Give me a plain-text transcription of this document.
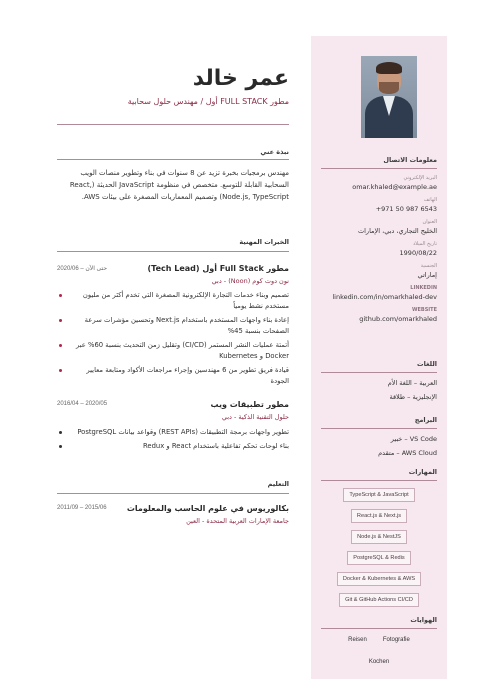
عمر خالد
مطور FULL STACK أول / مهندس حلول سحابية
نبذة عني
مهندس برمجيات بخبرة تزيد عن 8 سنوات في بناء وتطوير منصات الويب السحابية القابلة للتوسع. متخصص في منظومة JavaScript الحديثة (React, Node.js, TypeScript) وتصميم المعماريات المصغرة على بيئات AWS.
الخبرات المهنية
مطور Full Stack أول (Tech Lead)
2020/06 – حتى الآن
نون دوت كوم (Noon) - دبي
تصميم وبناء خدمات التجارة الإلكترونية المصغرة التي تخدم أكثر من مليون مستخدم نشط يومياً
إعادة بناء واجهات المستخدم باستخدام Next.js وتحسين مؤشرات سرعة الصفحات بنسبة 45%
أتمتة عمليات النشر المستمر (CI/CD) وتقليل زمن التحديث بنسبة 60% عبر Docker و Kubernetes
قيادة فريق تطوير من 6 مهندسين وإجراء مراجعات الأكواد ومتابعة معايير الجودة
مطور تطبيقات ويب
2016/04 – 2020/05
حلول التقنية الذكية - دبي
تطوير واجهات برمجة التطبيقات (REST APIs) وقواعد بيانات PostgreSQL
بناء لوحات تحكم تفاعلية باستخدام React و Redux
التعليم
بكالوريوس في علوم الحاسب والمعلومات
2011/09 – 2015/06
جامعة الإمارات العربية المتحدة - العين
معلومات الاتصال
البريد الإلكتروني
omar.khaled@example.ae
الهاتف
+971 50 987 6543
العنوان
الخليج التجاري، دبي، الإمارات
تاريخ الميلاد
1990/08/22
الجنسية
إماراتي
LINKEDIN
linkedin.com/in/omarkhaled-dev
WEBSITE
github.com/omarkhaled
اللغات
العربية – اللغة الأم
الإنجليزية – طلاقة
البرامج
VS Code – خبير
AWS Cloud – متقدم
المهارات
TypeScript & JavaScript
React.js & Next.js
Node.js & NestJS
PostgreSQL & Redis
Docker & Kubernetes & AWS
Git & GitHub Actions CI/CD
الهوايات
Reisen	Fotografie
Kochen
